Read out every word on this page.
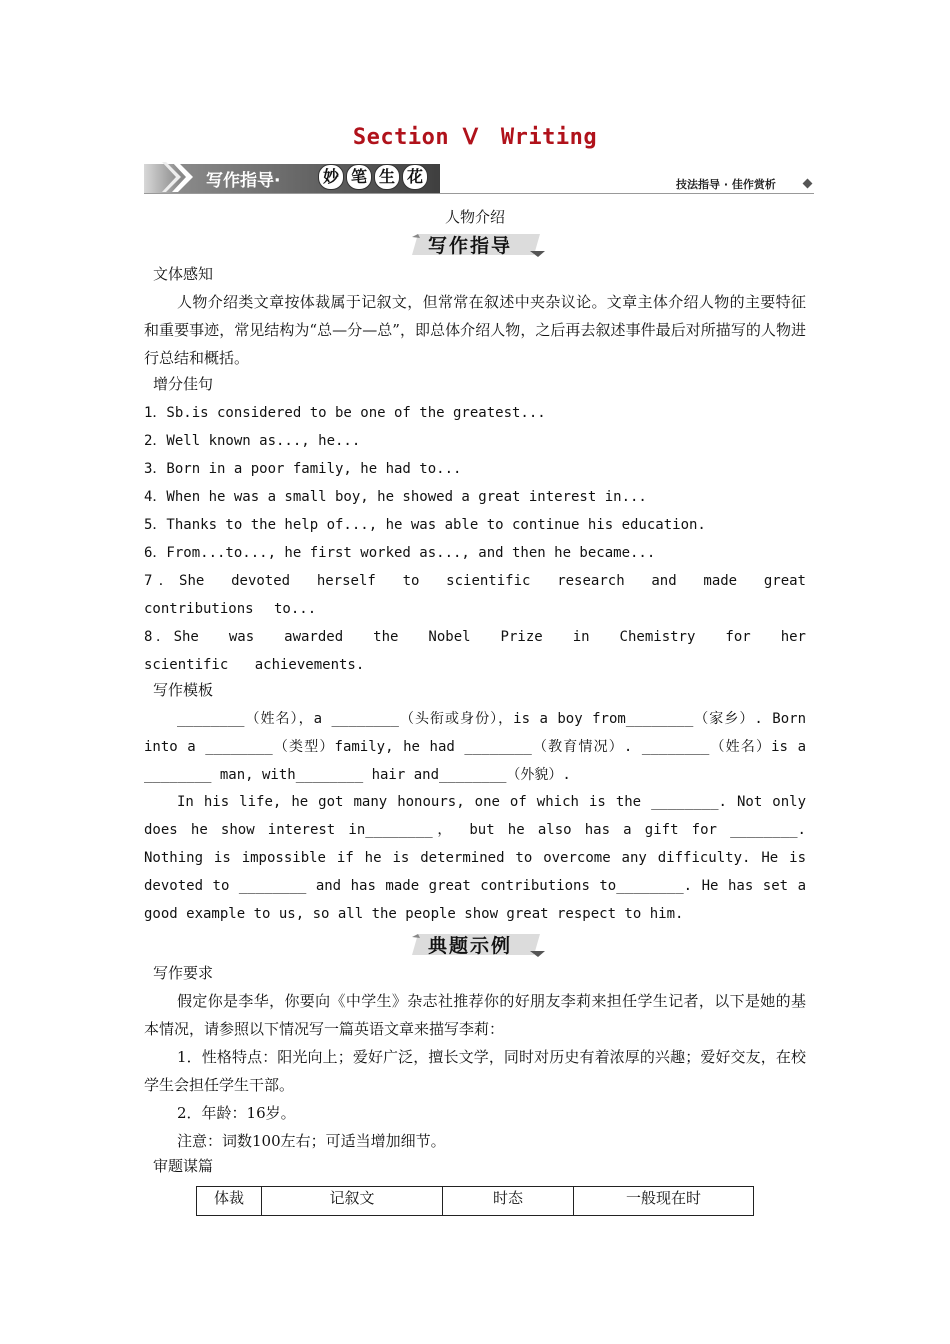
Section Ⅴ　Writing
写作指导·	妙 笔 生 花	技法指导 · 佳作赏析
人物介绍
写作指导
文体感知
人物介绍类文章按体裁属于记叙文，但常常在叙述中夹杂议论。文章主体介绍人物的主要特征和重要事迹，常见结构为“总—分—总”，即总体介绍人物，之后再去叙述事件最后对所描写的人物进行总结和概括。
增分佳句
1．Sb.is considered to be one of the greatest...
2．Well known as..., he...
3．Born in a poor family, he had to...
4．When he was a small boy, he showed a great interest in...
5．Thanks to the help of..., he was able to continue his education.
6．From...to..., he first worked as..., and then he became...
7．She devoted herself to scientific research and made great contributions to...
8．She was awarded the Nobel Prize in Chemistry for her scientific achievements.
写作模板
________（姓名），a ________（头衔或身份），is a boy from________（家乡）. Born into a ________（类型）family, he had ________（教育情况）. ________（姓名）is a ________ man, with________ hair and________（外貌）.
In his life, he got many honours, one of which is the ________. Not only does he show interest in________， but he also has a gift for ________. Nothing is impossible if he is determined to overcome any difficulty. He is devoted to ________ and has made great contributions to________. He has set a good example to us, so all the people show great respect to him.
典题示例
写作要求
假定你是李华，你要向《中学生》杂志社推荐你的好朋友李莉来担任学生记者，以下是她的基本情况，请参照以下情况写一篇英语文章来描写李莉：
1．性格特点：阳光向上；爱好广泛，擅长文学，同时对历史有着浓厚的兴趣；爱好交友，在校学生会担任学生干部。
2．年龄：16岁。
注意：词数100左右；可适当增加细节。
审题谋篇
体裁	记叙文	时态	一般现在时
